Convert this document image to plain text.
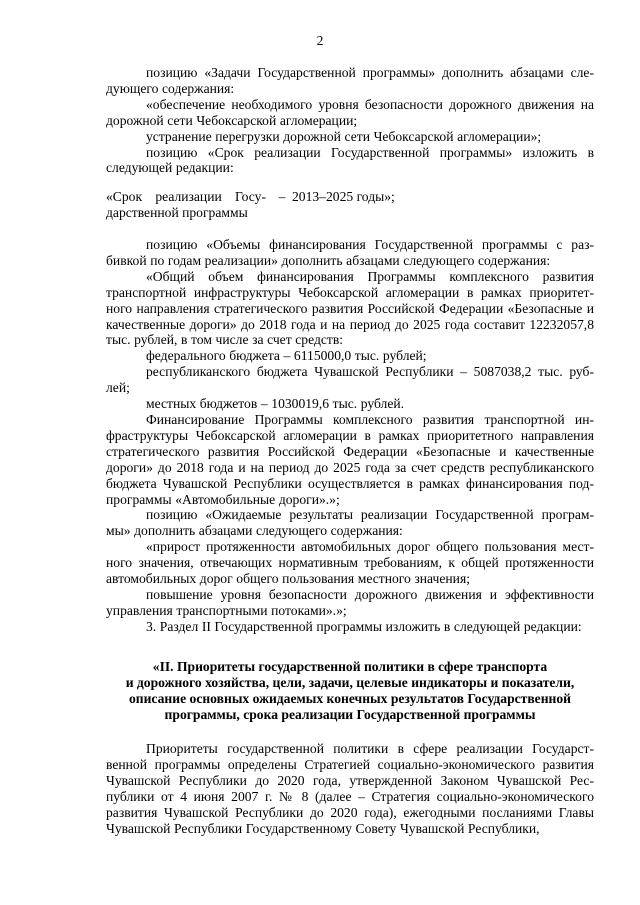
2

позицию «Задачи Государственной программы» дополнить абзацами сле-дующего содержания:

«обеспечение необходимого уровня безопасности дорожного движения на дорожной сети Чебоксарской агломерации;

устранение перегрузки дорожной сети Чебоксарской агломерации»;

позицию «Срок реализации Государственной программы» изложить в следующей редакции:

«Срок реализации Госу-
дарственной программы
– 2013–2025 годы»;

позицию «Объемы финансирования Государственной программы с раз-бивкой по годам реализации» дополнить абзацами следующего содержания:

«Общий объем финансирования Программы комплексного развития транспортной инфраструктуры Чебоксарской агломерации в рамках приоритет-ного направления стратегического развития Российской Федерации «Безопасные и качественные дороги» до 2018 года и на период до 2025 года составит 12232057,8 тыс. рублей, в том числе за счет средств:

федерального бюджета – 6115000,0 тыс. рублей;

республиканского бюджета Чувашской Республики – 5087038,2 тыс. руб-лей;

местных бюджетов – 1030019,6 тыс. рублей.

Финансирование Программы комплексного развития транспортной ин-фраструктуры Чебоксарской агломерации в рамках приоритетного направления стратегического развития Российской Федерации «Безопасные и качественные дороги» до 2018 года и на период до 2025 года за счет средств республиканского бюджета Чувашской Республики осуществляется в рамках финансирования под-программы «Автомобильные дороги».»;

позицию «Ожидаемые результаты реализации Государственной програм-мы» дополнить абзацами следующего содержания:

«прирост протяженности автомобильных дорог общего пользования мест-ного значения, отвечающих нормативным требованиям, к общей протяженности автомобильных дорог общего пользования местного значения;

повышение уровня безопасности дорожного движения и эффективности управления транспортными потоками».»;

3. Раздел II Государственной программы изложить в следующей редакции:

«II. Приоритеты государственной политики в сфере транспорта
и дорожного хозяйства, цели, задачи, целевые индикаторы и показатели,
описание основных ожидаемых конечных результатов Государственной
программы, срока реализации Государственной программы

Приоритеты государственной политики в сфере реализации Государст-венной программы определены Стратегией социально-экономического развития Чувашской Республики до 2020 года, утвержденной Законом Чувашской Рес-публики от 4 июня 2007 г. № 8 (далее – Стратегия социально-экономического развития Чувашской Республики до 2020 года), ежегодными посланиями Главы Чувашской Республики Государственному Совету Чувашской Республики,
